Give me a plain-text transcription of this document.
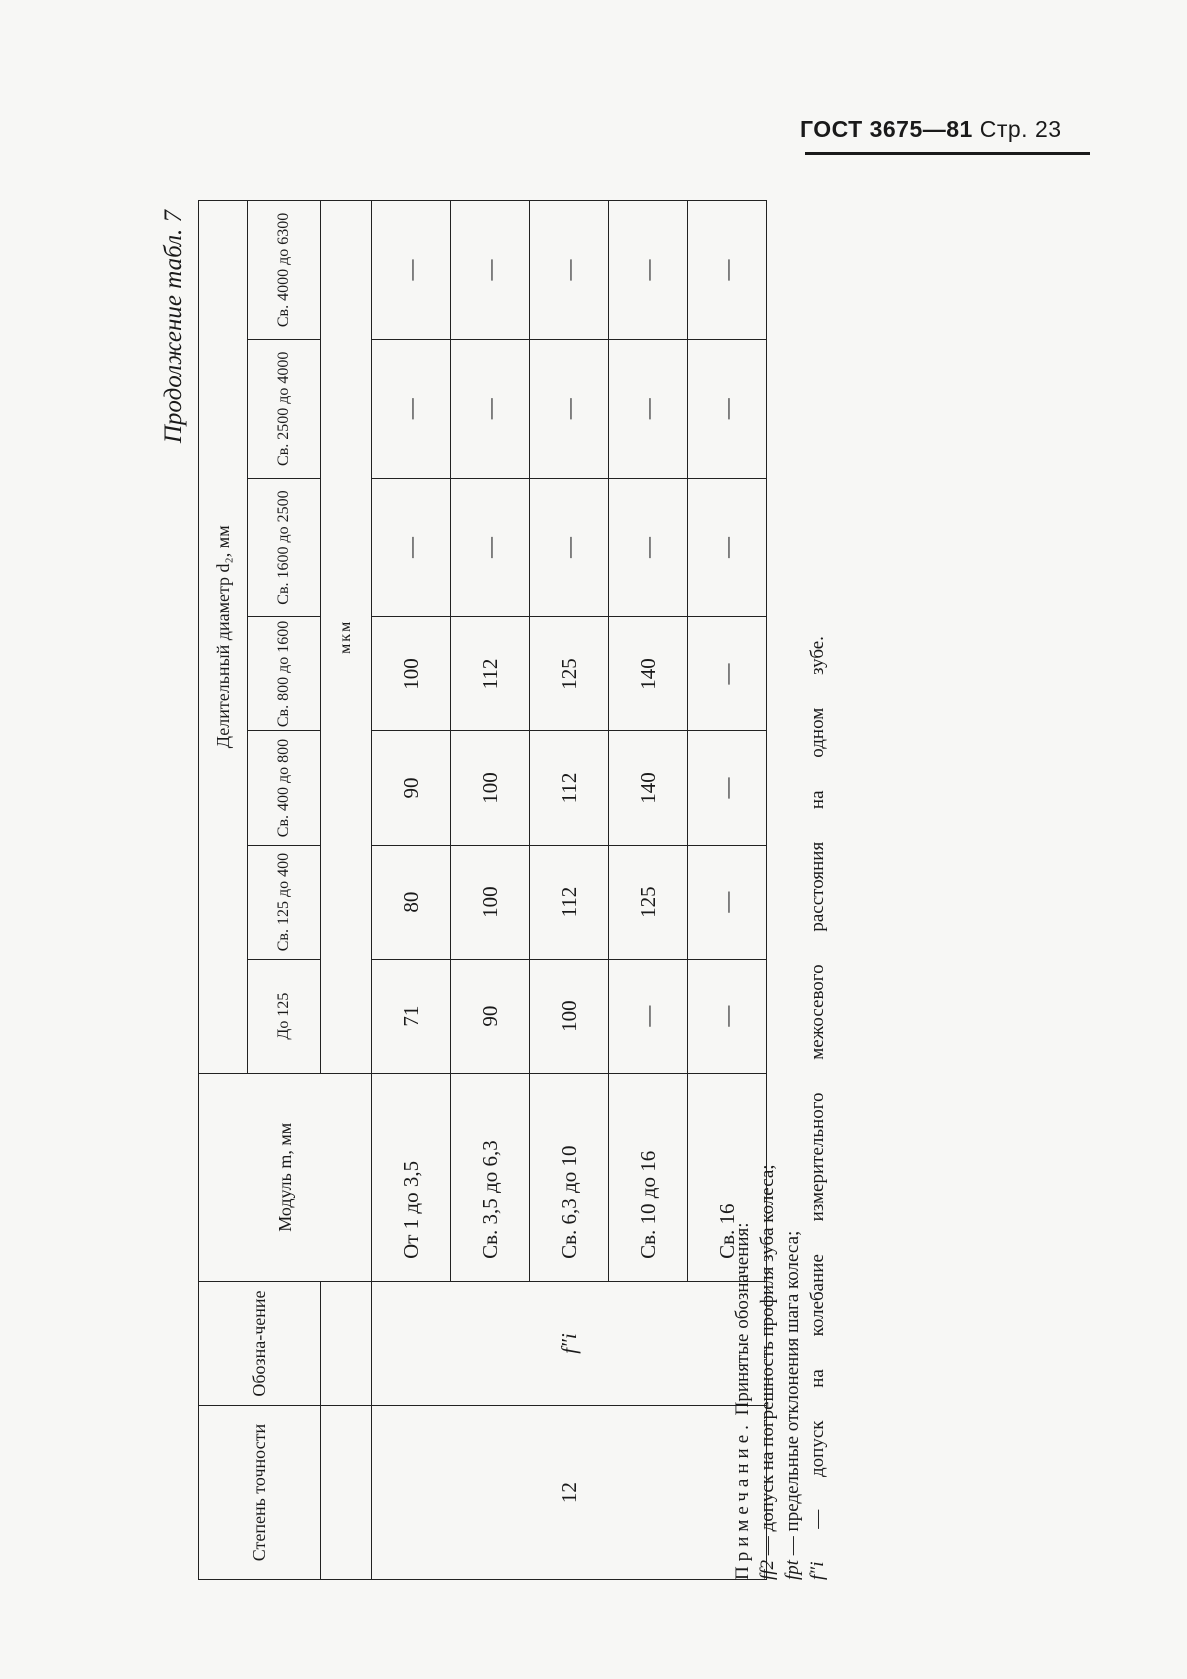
ГОСТ 3675—81 Стр. 23
Продолжение табл. 7
Степень точности	Обозна-чение	Модуль m, мм	Делительный диаметр d₂, мм						
			До 125	Св. 125 до 400	Св. 400 до 800	Св. 800 до 1600	Св. 1600 до 2500	Св. 2500 до 4000	Св. 4000 до 6300
			мкм						
12	f″i	От 1 до 3,5	71	80	90	100	—	—	—
		Св. 3,5 до 6,3	90	100	100	112	—	—	—
		Св. 6,3 до 10	100	112	112	125	—	—	—
		Св. 10 до 16	—	125	140	140	—	—	—
		Св. 16	—	—	—	—	—	—	—
Примечание. Принятые обозначения:
ff2 — допуск на погрешность профиля зуба колеса;
fpt — предельные отклонения шага колеса;
f″i — допуск на колебание измерительного межосевого расстояния на одном зубе.
